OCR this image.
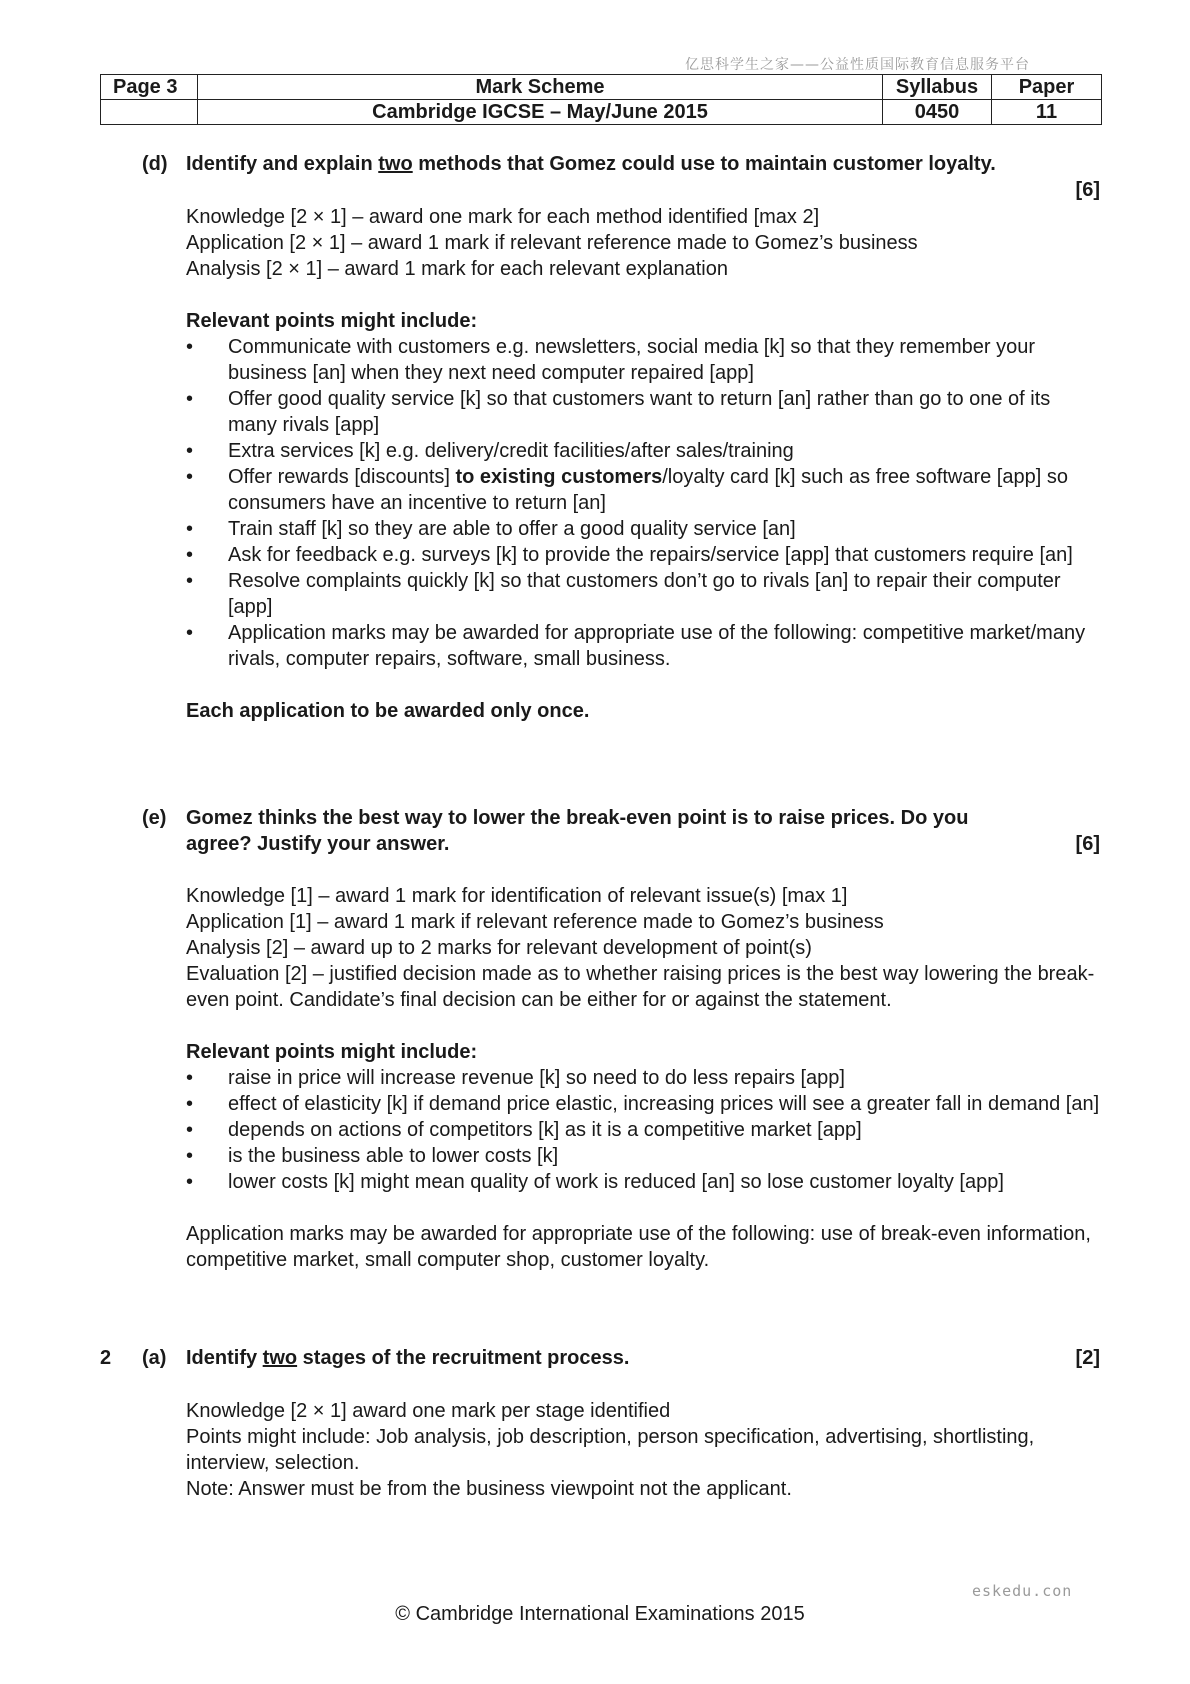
亿思科学生之家——公益性质国际教育信息服务平台
Page 3	Mark Scheme	Syllabus	Paper
	Cambridge IGCSE – May/June 2015	0450	11
(d) Identify and explain two methods that Gomez could use to maintain customer loyalty.

[6]

Knowledge [2 × 1] – award one mark for each method identified [max 2]

Application [2 × 1] – award 1 mark if relevant reference made to Gomez’s business

Analysis [2 × 1] – award 1 mark for each relevant explanation

Relevant points might include:

• Communicate with customers e.g. newsletters, social media [k] so that they remember your business [an] when they next need computer repaired [app]
• Offer good quality service [k] so that customers want to return [an] rather than go to one of its many rivals [app]
• Extra services [k] e.g. delivery/credit facilities/after sales/training
• Offer rewards [discounts] to existing customers/loyalty card [k] such as free software [app] so consumers have an incentive to return [an]
• Train staff [k] so they are able to offer a good quality service [an]
• Ask for feedback e.g. surveys [k] to provide the repairs/service [app] that customers require [an]
• Resolve complaints quickly [k] so that customers don’t go to rivals [an] to repair their computer [app]
• Application marks may be awarded for appropriate use of the following: competitive market/many rivals, computer repairs, software, small business.

Each application to be awarded only once.

(e) Gomez thinks the best way to lower the break-even point is to raise prices. Do you

agree? Justify your answer.	[6]

Knowledge [1] – award 1 mark for identification of relevant issue(s) [max 1]

Application [1] – award 1 mark if relevant reference made to Gomez’s business

Analysis [2] – award up to 2 marks for relevant development of point(s)

Evaluation [2] – justified decision made as to whether raising prices is the best way lowering the break-even point. Candidate’s final decision can be either for or against the statement.

Relevant points might include:

• raise in price will increase revenue [k] so need to do less repairs [app]
• effect of elasticity [k] if demand price elastic, increasing prices will see a greater fall in demand [an]
• depends on actions of competitors [k] as it is a competitive market [app]
• is the business able to lower costs [k]
• lower costs [k] might mean quality of work is reduced [an] so lose customer loyalty [app]

Application marks may be awarded for appropriate use of the following: use of break-even information, competitive market, small computer shop, customer loyalty.

2 (a) Identify two stages of the recruitment process.	[2]

Knowledge [2 × 1] award one mark per stage identified

Points might include: Job analysis, job description, person specification, advertising, shortlisting, interview, selection.

Note: Answer must be from the business viewpoint not the applicant.

eskedu.con
© Cambridge International Examinations 2015
